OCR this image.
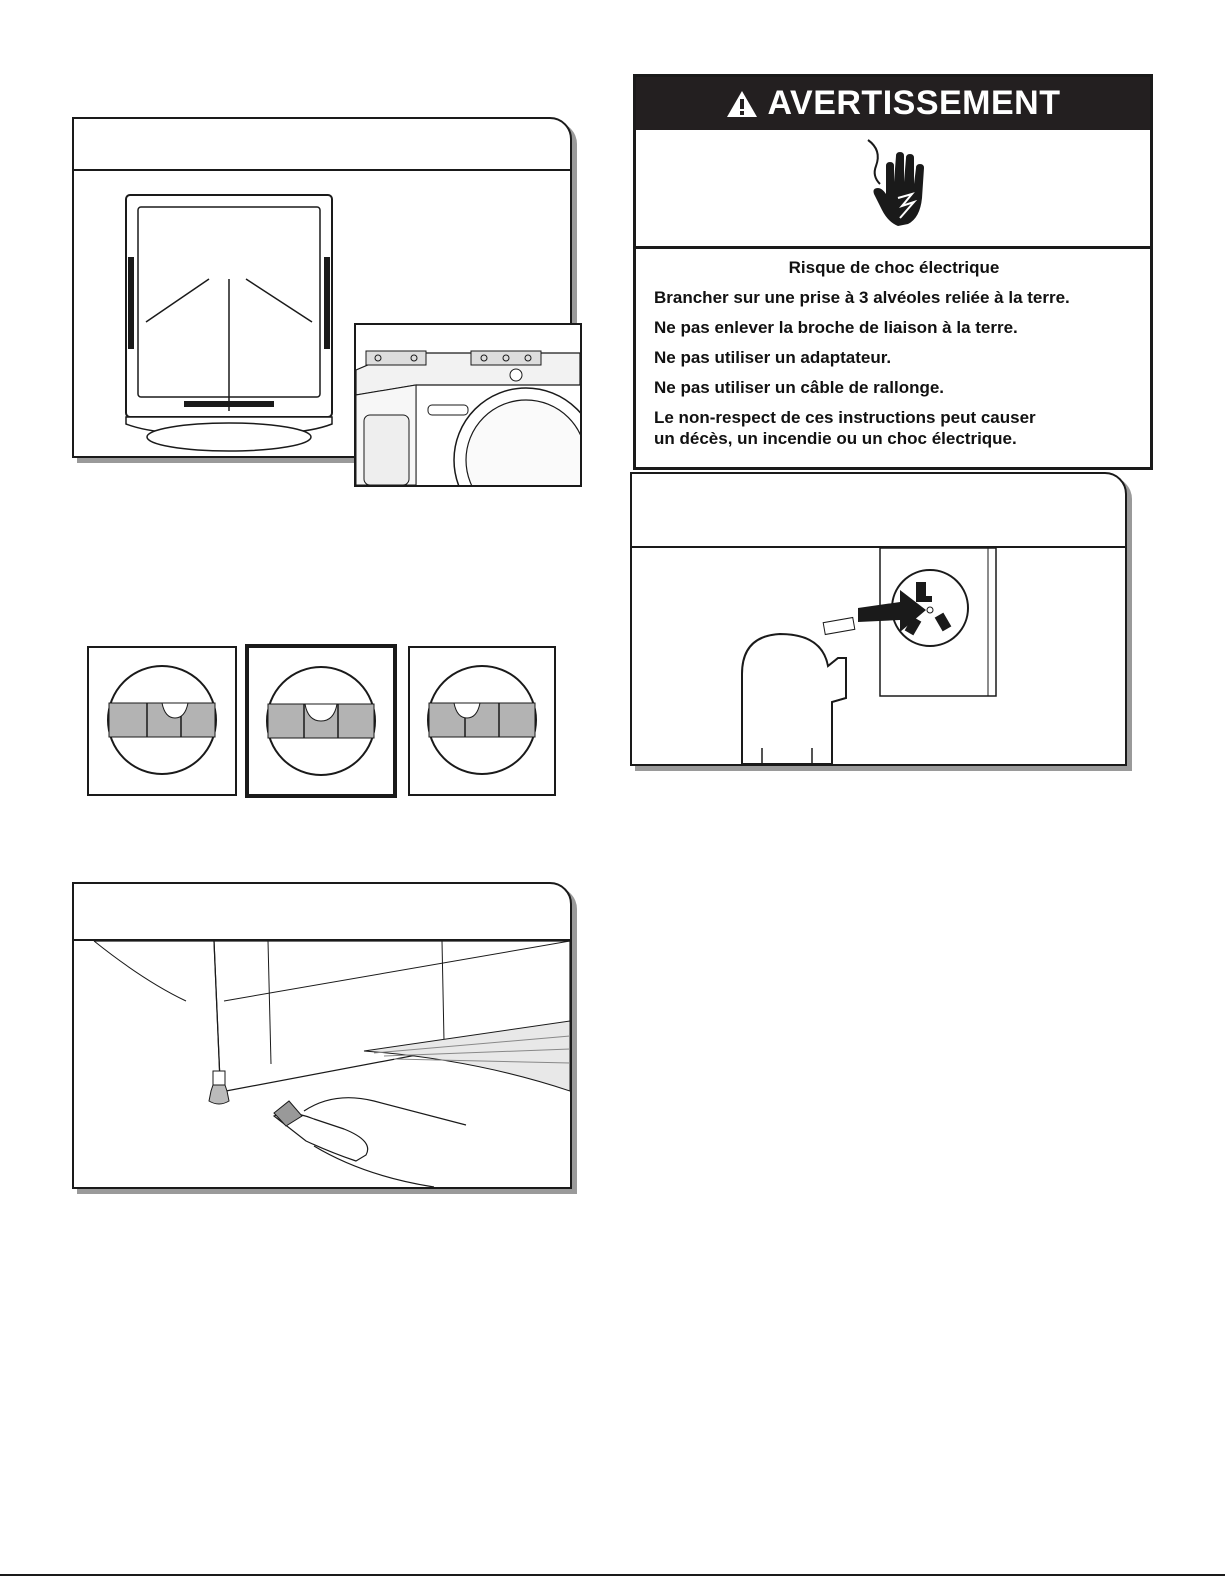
AVERTISSEMENT
Risque de choc électrique

Brancher sur une prise à 3 alvéoles reliée à la terre.

Ne pas enlever la broche de liaison à la terre.

Ne pas utiliser un adaptateur.

Ne pas utiliser un câble de rallonge.

Le non-respect de ces instructions peut causer
un décès, un incendie ou un choc électrique.
